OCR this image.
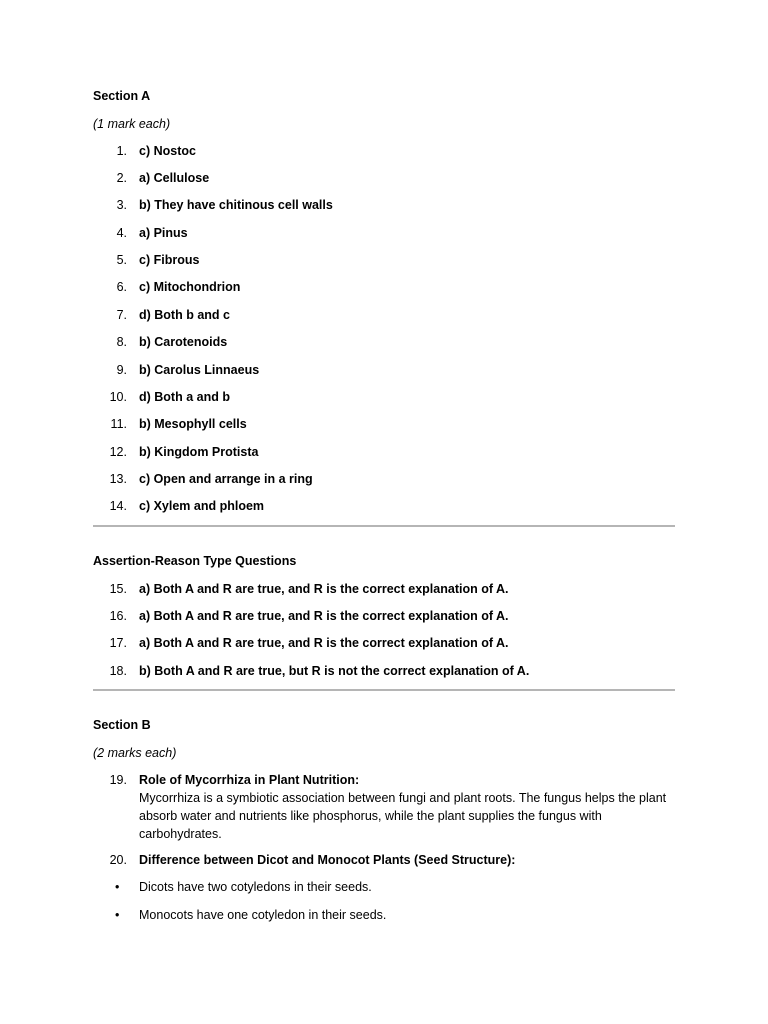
Section A
(1 mark each)
1. c) Nostoc
2. a) Cellulose
3. b) They have chitinous cell walls
4. a) Pinus
5. c) Fibrous
6. c) Mitochondrion
7. d) Both b and c
8. b) Carotenoids
9. b) Carolus Linnaeus
10. d) Both a and b
11. b) Mesophyll cells
12. b) Kingdom Protista
13. c) Open and arrange in a ring
14. c) Xylem and phloem
Assertion-Reason Type Questions
15. a) Both A and R are true, and R is the correct explanation of A.
16. a) Both A and R are true, and R is the correct explanation of A.
17. a) Both A and R are true, and R is the correct explanation of A.
18. b) Both A and R are true, but R is not the correct explanation of A.
Section B
(2 marks each)
19. Role of Mycorrhiza in Plant Nutrition:
Mycorrhiza is a symbiotic association between fungi and plant roots. The fungus helps the plant absorb water and nutrients like phosphorus, while the plant supplies the fungus with carbohydrates.
20. Difference between Dicot and Monocot Plants (Seed Structure):
• Dicots have two cotyledons in their seeds.
• Monocots have one cotyledon in their seeds.
